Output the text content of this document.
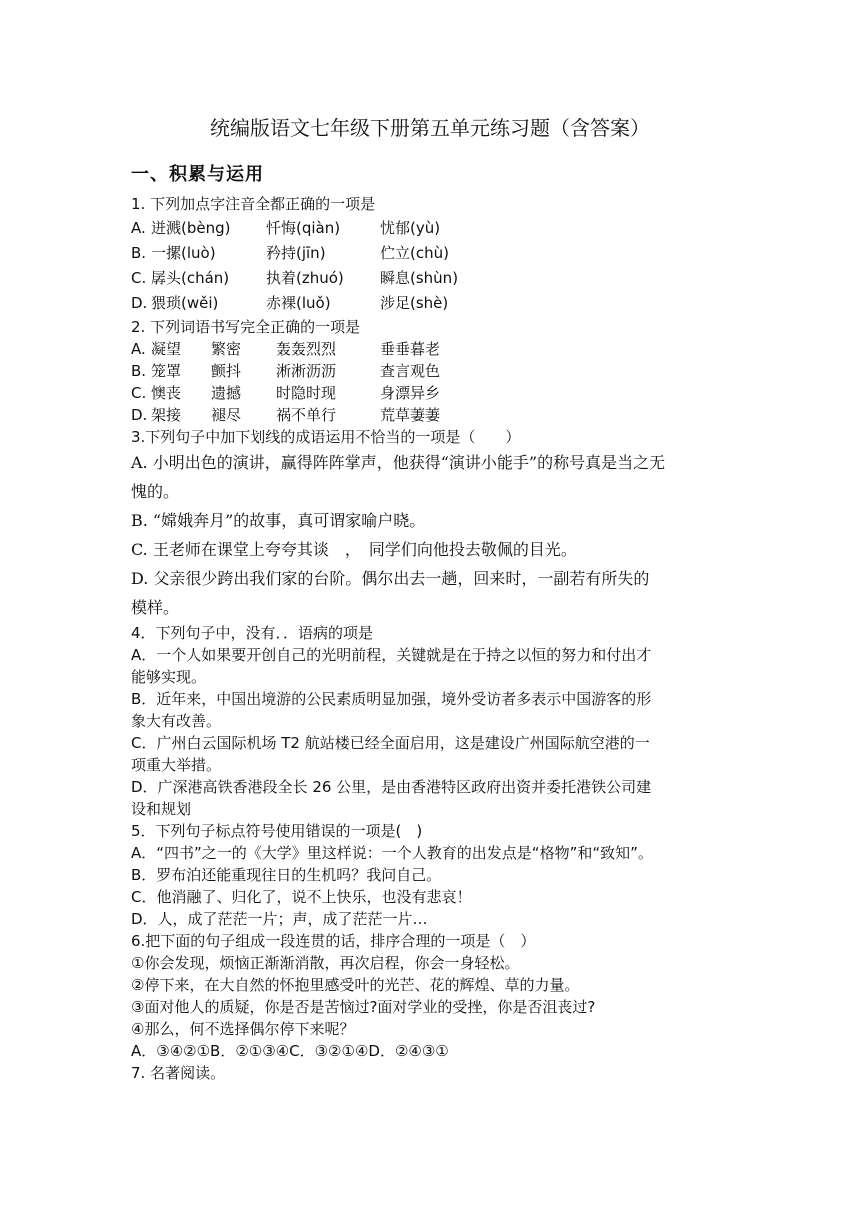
统编版语文七年级下册第五单元练习题（含答案）
一、积累与运用
1. 下列加点字注音全都正确的一项是
A. 迸溅(bèng) 忏悔(qiàn)	忧郁(yù)
B. 一摞(luò)	矜持(jīn)	伫立(chù)
C. 孱头(chán) 执着(zhuó) 瞬息(shùn)
D. 猥琐(wěi)	赤裸(luǒ)	涉足(shè)
2. 下列词语书写完全正确的一项是
A. 凝望 繁密 轰轰烈烈	垂垂暮老
B. 笼罩 颤抖 淅淅沥沥	查言观色
C. 懊丧 遗撼 时隐时现	身漂异乡
D. 架接 褪尽 祸不单行	荒草萋萋
3.下列句子中加下划线的成语运用不恰当的一项是（　　）
A. 小明出色的演讲，赢得阵阵掌声，他获得“演讲小能手”的称号真是当之无
愧的。
B. “嫦娥奔月”的故事，真可谓家喻户晓。
C. 王老师在课堂上夸夸其谈　，　同学们向他投去敬佩的目光。
D. 父亲很少跨出我们家的台阶。偶尔出去一趟，回来时，一副若有所失的
模样。
4．下列句子中，没有．．语病的项是
A．一个人如果要开创自己的光明前程，关键就是在于持之以恒的努力和付出才
能够实现。
B．近年来，中国出境游的公民素质明显加强，境外受访者多表示中国游客的形
象大有改善。
C．广州白云国际机场 T2 航站楼已经全面启用，这是建设广州国际航空港的一
项重大举措。
D．广深港高铁香港段全长 26 公里，是由香港特区政府出资并委托港铁公司建
设和规划
5．下列句子标点符号使用错误的一项是(　)
A．“四书”之一的《大学》里这样说：一个人教育的出发点是“格物”和“致知”。
B．罗布泊还能重现往日的生机吗？我问自己。
C．他消融了、归化了，说不上快乐，也没有悲哀！
D．人，成了茫茫一片；声，成了茫茫一片…
6.把下面的句子组成一段连贯的话，排序合理的一项是（　）
①你会发现，烦恼正渐渐消散，再次启程，你会一身轻松。
②停下来，在大自然的怀抱里感受叶的光芒、花的辉煌、草的力量。
③面对他人的质疑，你是否是苦恼过?面对学业的受挫，你是否沮丧过?
④那么，何不选择偶尔停下来呢？
A．③④②①B．②①③④C．③②①④D．②④③①
7. 名著阅读。
